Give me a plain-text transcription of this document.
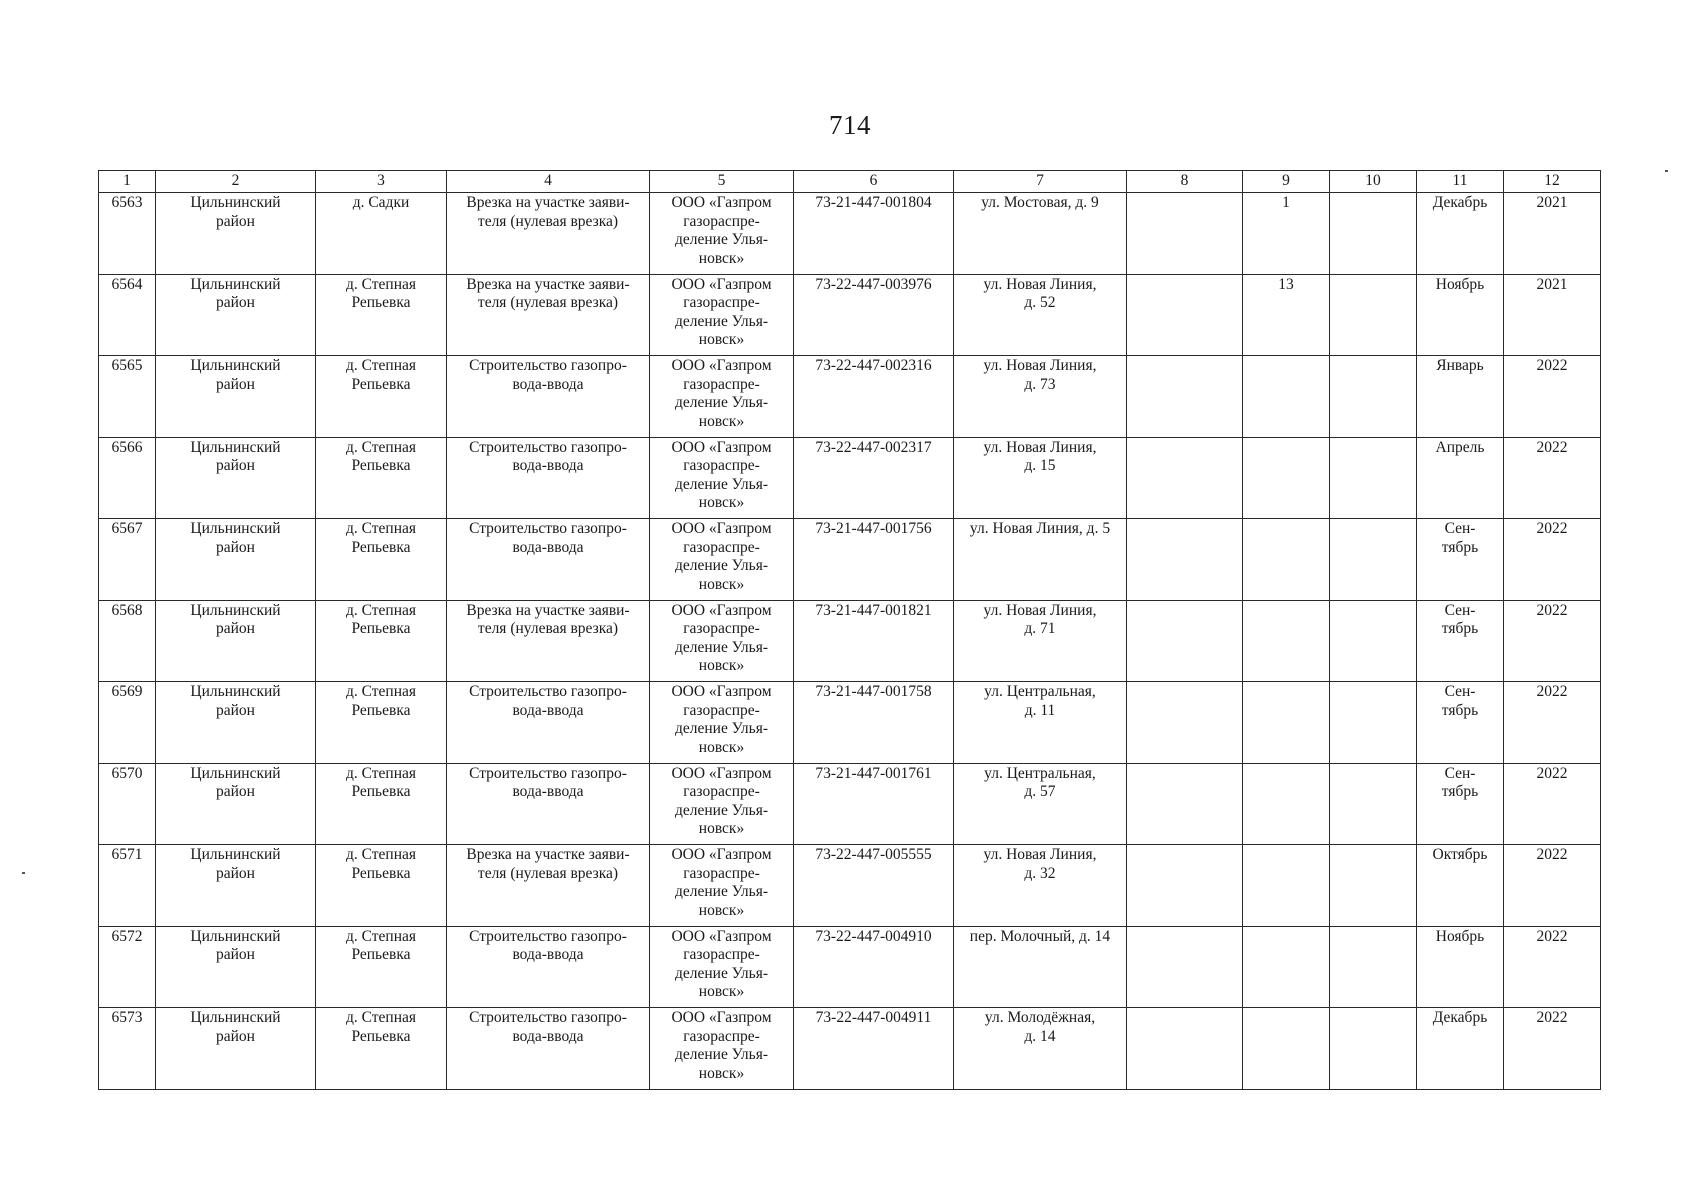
714
1	2	3	4	5	6	7	8	9	10	11	12
6563	Цильнинский
район	д. Садки	Врезка на участке заяви-
теля (нулевая врезка)	ООО «Газпром
газораспре-
деление Улья-
новск»	73-21-447-001804	ул. Мостовая, д. 9		1		Декабрь	2021
6564	Цильнинский
район	д. Степная
Репьевка	Врезка на участке заяви-
теля (нулевая врезка)	ООО «Газпром
газораспре-
деление Улья-
новск»	73-22-447-003976	ул. Новая Линия,
д. 52		13		Ноябрь	2021
6565	Цильнинский
район	д. Степная
Репьевка	Строительство газопро-
вода-ввода	ООО «Газпром
газораспре-
деление Улья-
новск»	73-22-447-002316	ул. Новая Линия,
д. 73				Январь	2022
6566	Цильнинский
район	д. Степная
Репьевка	Строительство газопро-
вода-ввода	ООО «Газпром
газораспре-
деление Улья-
новск»	73-22-447-002317	ул. Новая Линия,
д. 15				Апрель	2022
6567	Цильнинский
район	д. Степная
Репьевка	Строительство газопро-
вода-ввода	ООО «Газпром
газораспре-
деление Улья-
новск»	73-21-447-001756	ул. Новая Линия, д. 5				Сен-
тябрь	2022
6568	Цильнинский
район	д. Степная
Репьевка	Врезка на участке заяви-
теля (нулевая врезка)	ООО «Газпром
газораспре-
деление Улья-
новск»	73-21-447-001821	ул. Новая Линия,
д. 71				Сен-
тябрь	2022
6569	Цильнинский
район	д. Степная
Репьевка	Строительство газопро-
вода-ввода	ООО «Газпром
газораспре-
деление Улья-
новск»	73-21-447-001758	ул. Центральная,
д. 11				Сен-
тябрь	2022
6570	Цильнинский
район	д. Степная
Репьевка	Строительство газопро-
вода-ввода	ООО «Газпром
газораспре-
деление Улья-
новск»	73-21-447-001761	ул. Центральная,
д. 57				Сен-
тябрь	2022
6571	Цильнинский
район	д. Степная
Репьевка	Врезка на участке заяви-
теля (нулевая врезка)	ООО «Газпром
газораспре-
деление Улья-
новск»	73-22-447-005555	ул. Новая Линия,
д. 32				Октябрь	2022
6572	Цильнинский
район	д. Степная
Репьевка	Строительство газопро-
вода-ввода	ООО «Газпром
газораспре-
деление Улья-
новск»	73-22-447-004910	пер. Молочный, д. 14				Ноябрь	2022
6573	Цильнинский
район	д. Степная
Репьевка	Строительство газопро-
вода-ввода	ООО «Газпром
газораспре-
деление Улья-
новск»	73-22-447-004911	ул. Молодёжная,
д. 14				Декабрь	2022
